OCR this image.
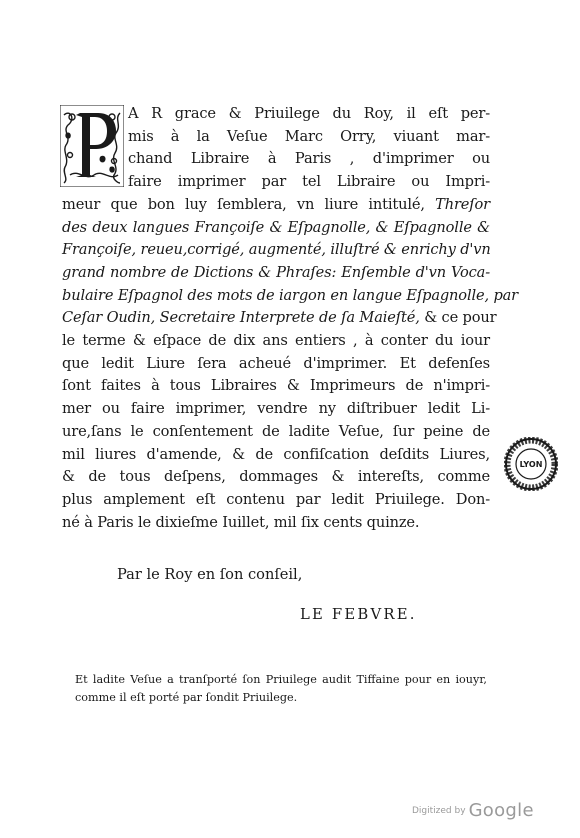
A R grace & Priuilege du Roy, il eſt per-
mis à la Veſue Marc Orry, viuant mar-
chand Libraire à Paris , d'imprimer ou
faire imprimer par tel Libraire ou Impri-
meur que bon luy ſemblera, vn liure intitulé, Threſor
des deux langues Françoiſe & Eſpagnolle, & Eſpagnolle &
Françoiſe, reueu,corrigé, augmenté, illuſtré & enrichy d'vn
grand nombre de Dictions & Phraſes: Enſemble d'vn Voca-
bulaire Eſpagnol des mots de iargon en langue Eſpagnolle, par
Ceſar Oudin, Secretaire Interprete de ſa Maieſté, & ce pour
le terme & eſpace de dix ans entiers , à conter du iour
que ledit Liure ſera acheué d'imprimer. Et defenſes
ſont faites à tous Libraires & Imprimeurs de n'impri-
mer ou faire imprimer, vendre ny diſtribuer ledit Li-
ure,ſans le conſentement de ladite Veſue, ſur peine de
mil liures d'amende, & de confiſcation deſdits Liures,
& de tous deſpens, dommages & intereſts, comme
plus amplement eſt contenu par ledit Priuilege. Don-
né à Paris le dixieſme Iuillet, mil ſix cents quinze.
Par le Roy en ſon conſeil,
LE FEBVRE.
Et ladite Veſue a tranſporté ſon Priuilege audit Tiffaine pour en iouyr,
comme il eſt porté par ſondit Priuilege.
LYON
Digitized by Google
